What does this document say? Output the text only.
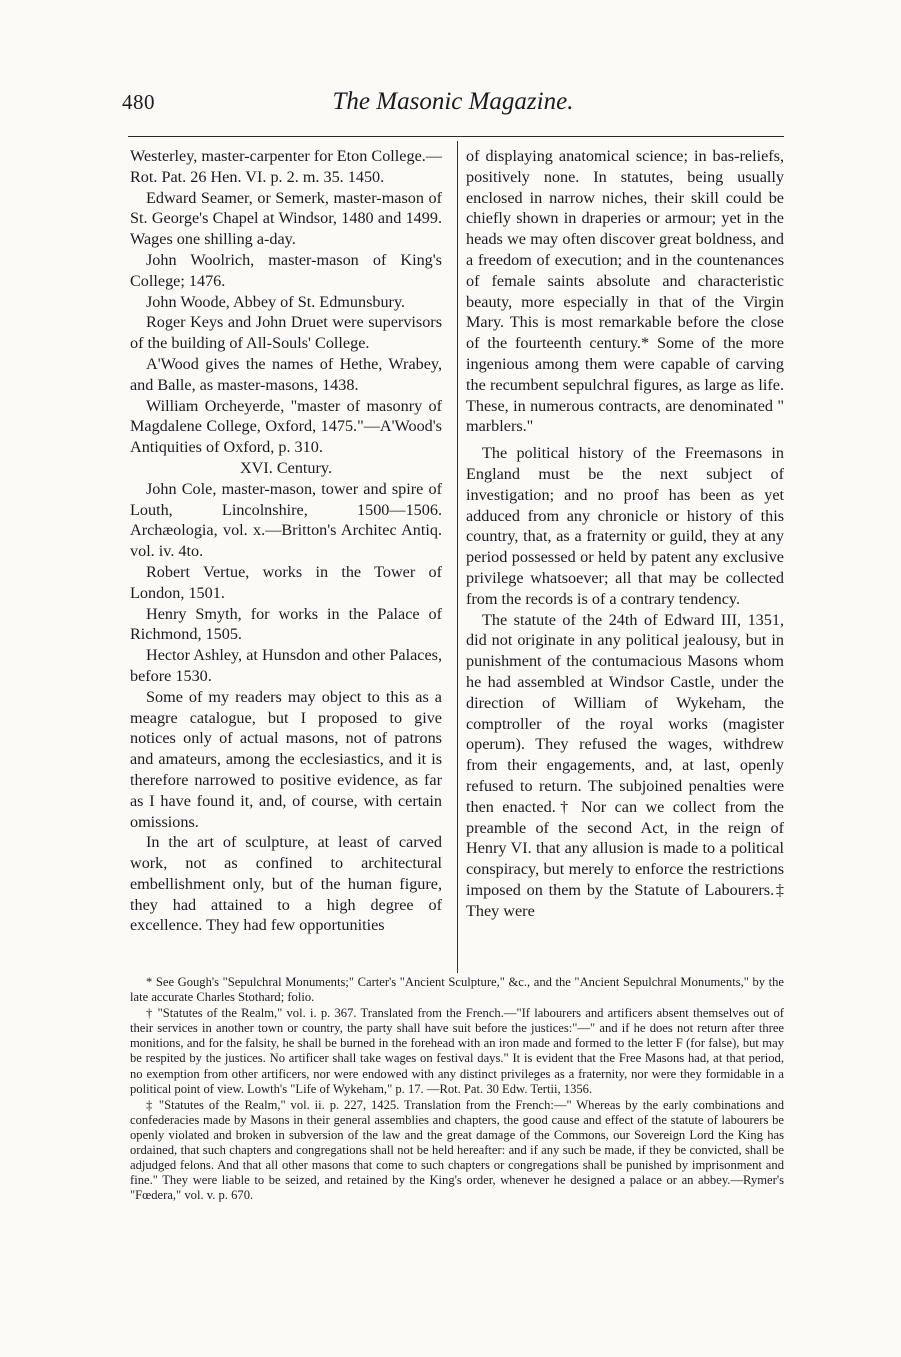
480	The Masonic Magazine.

Westerley, master-carpenter for Eton College.—Rot. Pat. 26 Hen. VI. p. 2. m. 35. 1450.

Edward Seamer, or Semerk, master-mason of St. George's Chapel at Windsor, 1480 and 1499. Wages one shilling a-day.

John Woolrich, master-mason of King's College; 1476.

John Woode, Abbey of St. Edmunsbury.

Roger Keys and John Druet were supervisors of the building of All-Souls' College.

A'Wood gives the names of Hethe, Wrabey, and Balle, as master-masons, 1438.

William Orcheyerde, "master of masonry of Magdalene College, Oxford, 1475."—A'Wood's Antiquities of Oxford, p. 310.

XVI. Century.

John Cole, master-mason, tower and spire of Louth, Lincolnshire, 1500—1506. Archæologia, vol. x.—Britton's Architec Antiq. vol. iv. 4to.

Robert Vertue, works in the Tower of London, 1501.

Henry Smyth, for works in the Palace of Richmond, 1505.

Hector Ashley, at Hunsdon and other Palaces, before 1530.

Some of my readers may object to this as a meagre catalogue, but I proposed to give notices only of actual masons, not of patrons and amateurs, among the ecclesiastics, and it is therefore narrowed to positive evidence, as far as I have found it, and, of course, with certain omissions.

In the art of sculpture, at least of carved work, not as confined to architectural embellishment only, but of the human figure, they had attained to a high degree of excellence. They had few opportunities

of displaying anatomical science; in bas-reliefs, positively none. In statutes, being usually enclosed in narrow niches, their skill could be chiefly shown in draperies or armour; yet in the heads we may often discover great boldness, and a freedom of execution; and in the countenances of female saints absolute and characteristic beauty, more especially in that of the Virgin Mary. This is most remarkable before the close of the fourteenth century.* Some of the more ingenious among them were capable of carving the recumbent sepulchral figures, as large as life. These, in numerous contracts, are denominated " marblers."

The political history of the Freemasons in England must be the next subject of investigation; and no proof has been as yet adduced from any chronicle or history of this country, that, as a fraternity or guild, they at any period possessed or held by patent any exclusive privilege whatsoever; all that may be collected from the records is of a contrary tendency.

The statute of the 24th of Edward III, 1351, did not originate in any political jealousy, but in punishment of the contumacious Masons whom he had assembled at Windsor Castle, under the direction of William of Wykeham, the comptroller of the royal works (magister operum). They refused the wages, withdrew from their engagements, and, at last, openly refused to return. The subjoined penalties were then enacted.† Nor can we collect from the preamble of the second Act, in the reign of Henry VI. that any allusion is made to a political conspiracy, but merely to enforce the restrictions imposed on them by the Statute of Labourers.‡ They were

* See Gough's "Sepulchral Monuments;" Carter's "Ancient Sculpture," &c., and the "Ancient Sepulchral Monuments," by the late accurate Charles Stothard; folio.

† "Statutes of the Realm," vol. i. p. 367. Translated from the French.—"If labourers and artificers absent themselves out of their services in another town or country, the party shall have suit before the justices:"—" and if he does not return after three monitions, and for the falsity, he shall be burned in the forehead with an iron made and formed to the letter F (for false), but may be respited by the justices. No artificer shall take wages on festival days." It is evident that the Free Masons had, at that period, no exemption from other artificers, nor were endowed with any distinct privileges as a fraternity, nor were they formidable in a political point of view. Lowth's "Life of Wykeham," p. 17. —Rot. Pat. 30 Edw. Tertii, 1356.

‡ "Statutes of the Realm," vol. ii. p. 227, 1425. Translation from the French:—" Whereas by the early combinations and confederacies made by Masons in their general assemblies and chapters, the good cause and effect of the statute of labourers be openly violated and broken in subversion of the law and the great damage of the Commons, our Sovereign Lord the King has ordained, that such chapters and congregations shall not be held hereafter: and if any such be made, if they be convicted, shall be adjudged felons. And that all other masons that come to such chapters or congregations shall be punished by imprisonment and fine." They were liable to be seized, and retained by the King's order, whenever he designed a palace or an abbey.—Rymer's "Fœdera," vol. v. p. 670.
